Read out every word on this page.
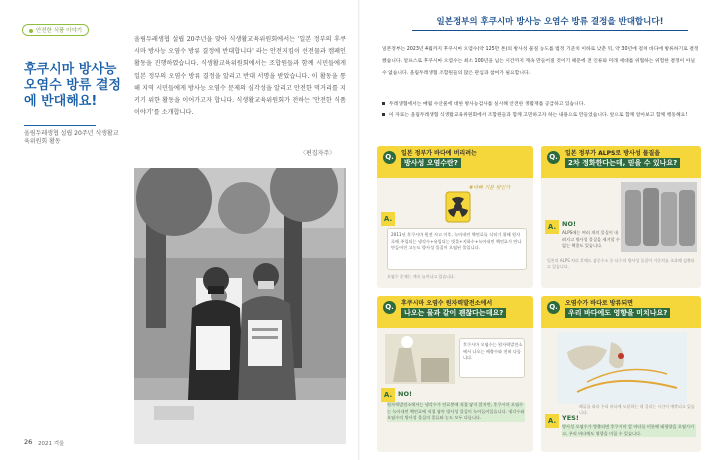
안전한 식품 이야기
후쿠시마 방사능 오염수 방류 결정에 반대해요!
올림두레생협 설립 20주년 식생활교육위원회 활동
올림두레생협 설립 20주년을 맞아 식생활교육위원회에서는 '일본 정부의 후쿠시마 방사능 오염수 방류 결정에 반대합니다' 라는 안전지킴이 선전물과 캠페인 활동을 진행하였습니다. 식생활교육위원회에서는 조합원들과 함께 시민들에게 일본 정부의 오염수 방류 결정을 알리고 반대 서명을 받았습니다. 이 활동을 통해 지역 시민들에게 방사능 오염수 문제의 심각성을 알리고 안전한 먹거리를 지키기 위한 활동을 이어가고자 합니다. 식생활교육위원회가 전하는 '안전한 식품이야기'를 소개합니다.
〈편집자주〉
26 2021 겨울
일본정부의 후쿠시마 방사능 오염수 방류 결정을 반대합니다!
일본정부는 2023년 4월까지 후쿠시마 오염수(약 125만 톤)의 방사성 물질 농도를 법정 기준치 이하로 낮춘 뒤, 약 30년에 걸쳐 바다에 방류하기로 결정했습니다. 알프스로 후쿠시마 오염수는 최소 100년을 넘는 시간까지 계속 만들어질 것이기 때문에 전 인류와 미래 세대를 위협하는 위험한 결정이 아닐 수 없습니다. 올림두레생협 조합원들의 많은 관심과 참여가 필요합니다.
두레생협에서는 매월 수산물에 대한 방사능검사를 실시해 안전한 생활재를 공급하고 있습니다.
이 자료는 올림두레생협 식생활교육위원회에서 조합원들과 함께 고민하고자 하는 내용으로 만들었습니다. 앞으로 함께 알아보고 함께 행동해요!
Q.	일본 정부가 바다에 버리려는
방사성 오염수란?
#아빠 기분 탓인가
2011년 후쿠시마 원전 사고 이후, 녹아내린 핵연료를 식히기 위해 원자로에 주입되는 냉각수+유입되는 빗물+지하수+녹아내린 핵연료가 만나 만들어진 고농도 방사성 물질이 오염된 물입니다.
오염수 문제는 계속 늘어나고 있습니다.
A.
Q.	일본 정부가 ALPS로 방사성 물질을
2차 정화한다는데, 믿을 수 있나요?
A. NO!
ALPS에는 여러 개의 물질이 내려지고 방사성 물질을 제거할 수 없는 핵종도 있습니다.
일본의 ALPS 처리 후에도 삼중수소 등 다수의 방사성 물질이 기준치를 초과해 검출되고 있습니다.
Q.	후쿠시마 오염수 원자력발전소에서
나오는 물과 같이 괜찮다는데요?
후쿠시마 오염수는 원자력발전소에서 나오는 배출수와 전혀 다릅니다.
A. NO!
원자력발전소에서는 냉각수가 연료봉에 직접 닿지 않지만, 후쿠시마 오염수는 녹아내린 핵연료에 직접 닿아 방사성 물질이 녹아들어있습니다. 냉각수와 오염수의 방사성 물질의 종류와 농도 모두 다릅니다.
Q.	오염수가 바다로 방류되면
우리 바다에도 영향을 미치나요?
해류를 따라 우리 바다에 도달하는 데 걸리는 시간이 예측되고 있습니다.
A. YES!
방사성 오염수가 방출되면 후쿠시마 앞 바다를 비롯해 태평양을 오염시키고, 우리 바다에도 영향을 미칠 수 있습니다.
